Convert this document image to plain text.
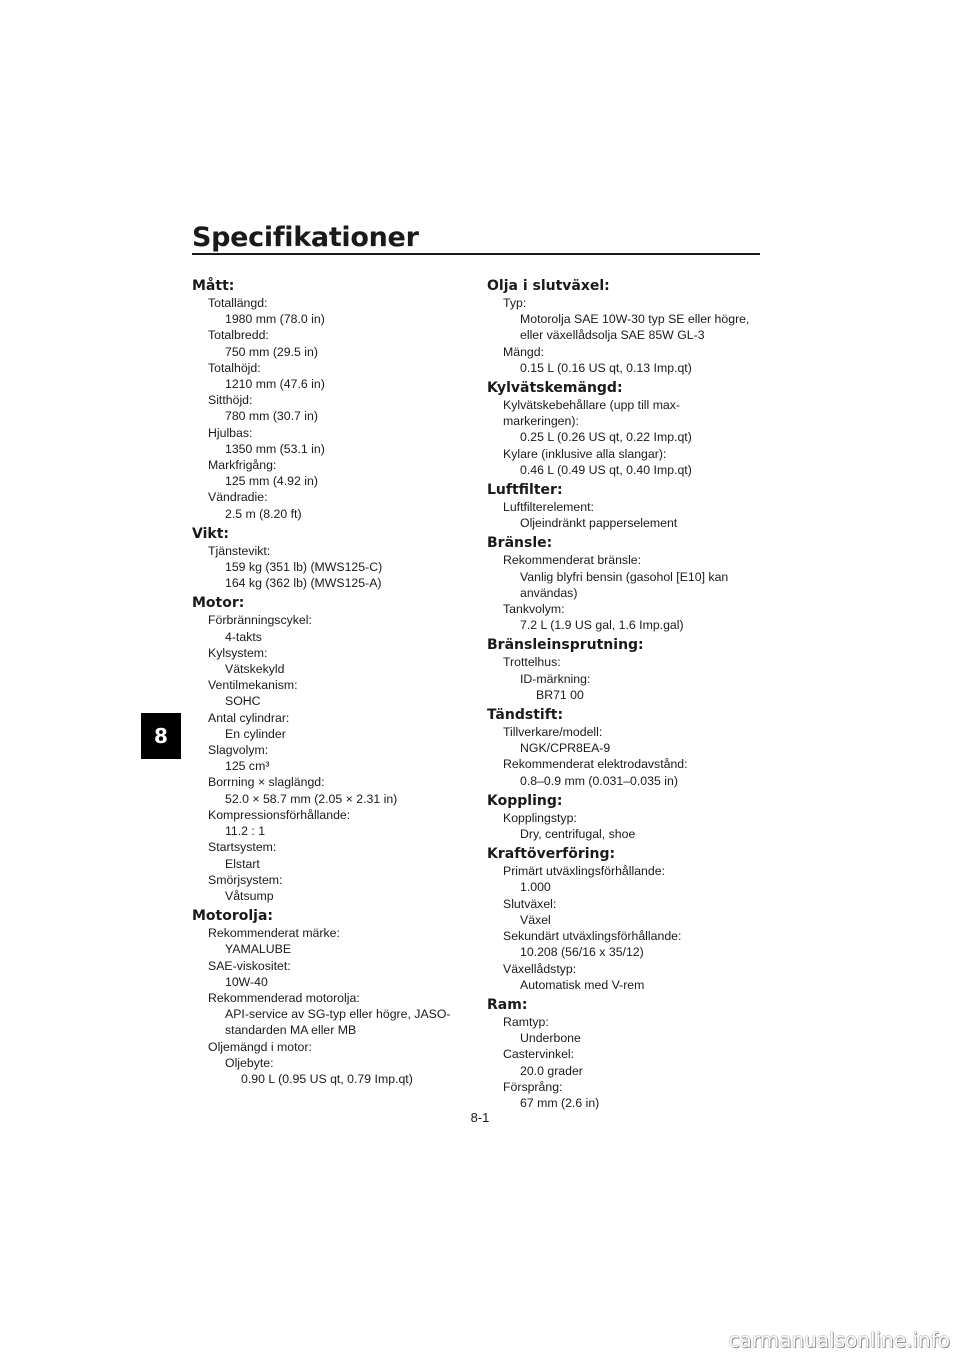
Specifikationer
8
Mått:
Totallängd:
1980 mm (78.0 in)
Totalbredd:
750 mm (29.5 in)
Totalhöjd:
1210 mm (47.6 in)
Sitthöjd:
780 mm (30.7 in)
Hjulbas:
1350 mm (53.1 in)
Markfrigång:
125 mm (4.92 in)
Vändradie:
2.5 m (8.20 ft)
Vikt:
Tjänstevikt:
159 kg (351 lb) (MWS125-C)
164 kg (362 lb) (MWS125-A)
Motor:
Förbränningscykel:
4-takts
Kylsystem:
Vätskekyld
Ventilmekanism:
SOHC
Antal cylindrar:
En cylinder
Slagvolym:
125 cm³
Borrning × slaglängd:
52.0 × 58.7 mm (2.05 × 2.31 in)
Kompressionsförhållande:
11.2 : 1
Startsystem:
Elstart
Smörjsystem:
Våtsump
Motorolja:
Rekommenderat märke:
YAMALUBE
SAE-viskositet:
10W-40
Rekommenderad motorolja:
API-service av SG-typ eller högre, JASO-
standarden MA eller MB
Oljemängd i motor:
Oljebyte:
0.90 L (0.95 US qt, 0.79 Imp.qt)
Olja i slutväxel:
Typ:
Motorolja SAE 10W-30 typ SE eller högre,
eller växellådsolja SAE 85W GL-3
Mängd:
0.15 L (0.16 US qt, 0.13 Imp.qt)
Kylvätskemängd:
Kylvätskebehållare (upp till max-
markeringen):
0.25 L (0.26 US qt, 0.22 Imp.qt)
Kylare (inklusive alla slangar):
0.46 L (0.49 US qt, 0.40 Imp.qt)
Luftfilter:
Luftfilterelement:
Oljeindränkt papperselement
Bränsle:
Rekommenderat bränsle:
Vanlig blyfri bensin (gasohol [E10] kan
användas)
Tankvolym:
7.2 L (1.9 US gal, 1.6 Imp.gal)
Bränsleinsprutning:
Trottelhus:
ID-märkning:
BR71 00
Tändstift:
Tillverkare/modell:
NGK/CPR8EA-9
Rekommenderat elektrodavstånd:
0.8–0.9 mm (0.031–0.035 in)
Koppling:
Kopplingstyp:
Dry, centrifugal, shoe
Kraftöverföring:
Primärt utväxlingsförhållande:
1.000
Slutväxel:
Växel
Sekundärt utväxlingsförhållande:
10.208 (56/16 x 35/12)
Växellådstyp:
Automatisk med V-rem
Ram:
Ramtyp:
Underbone
Castervinkel:
20.0 grader
Försprång:
67 mm (2.6 in)
8-1
carmanualsonline.info
